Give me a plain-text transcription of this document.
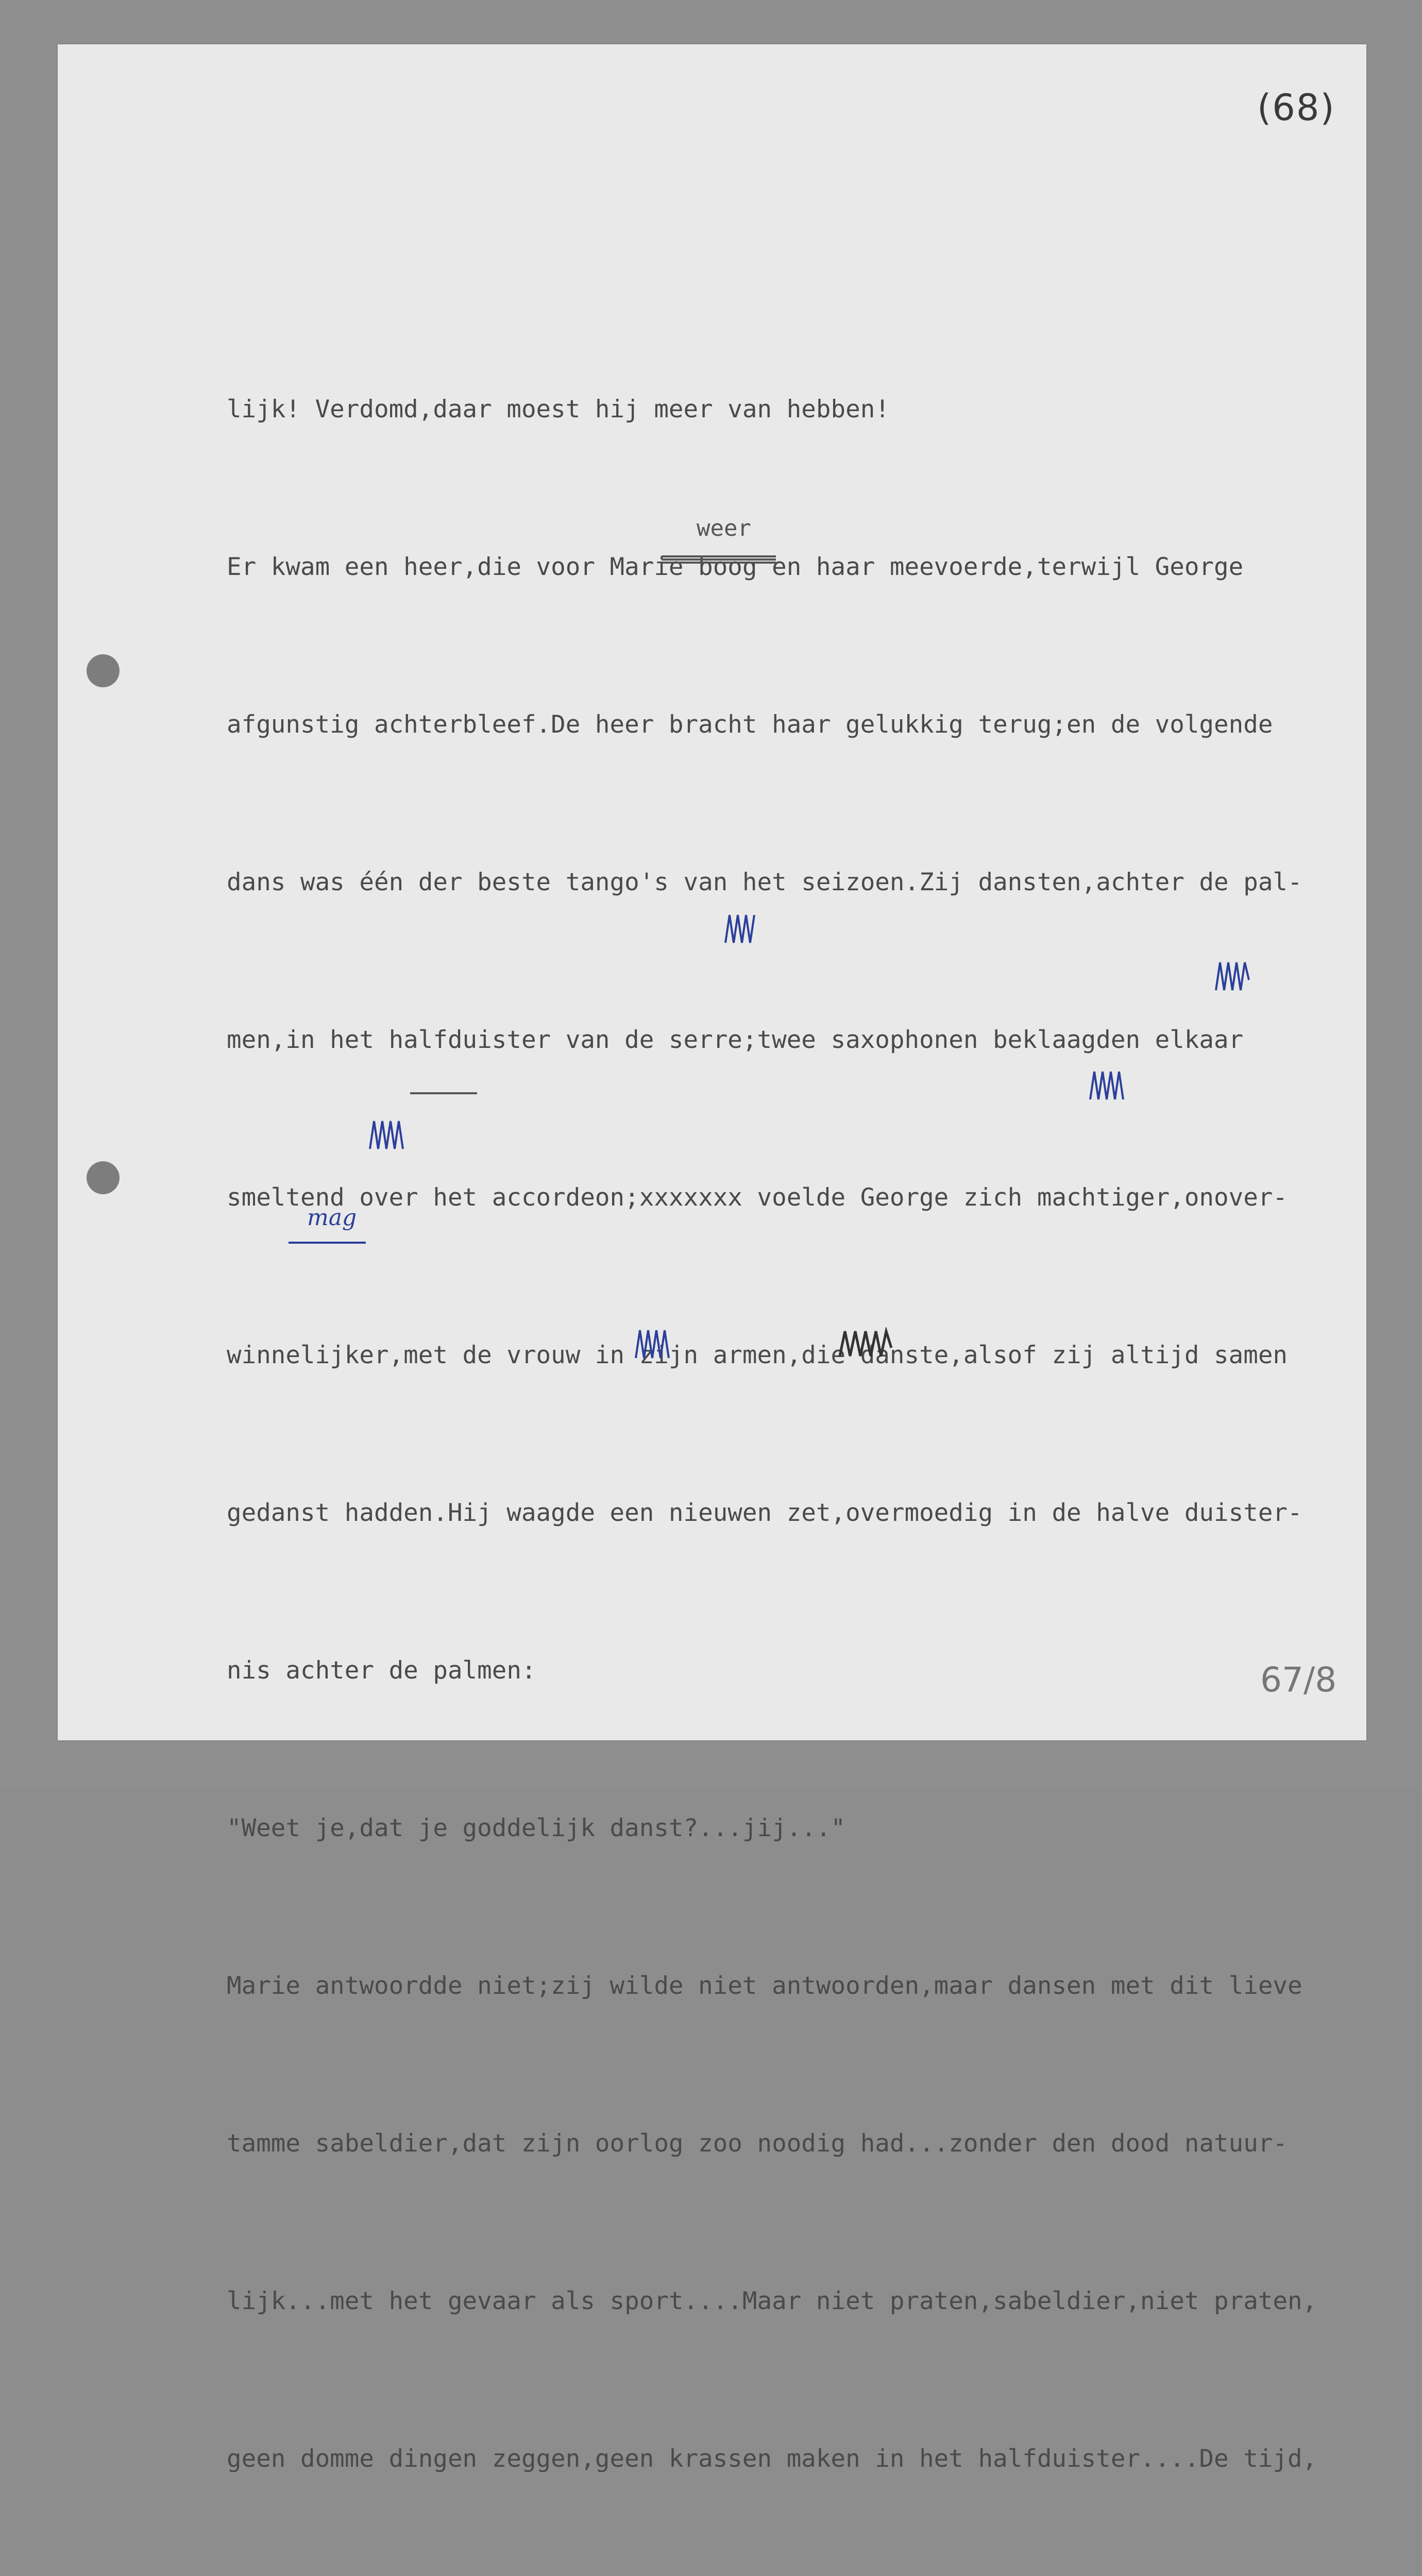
(68)
67/8

lijk! Verdomd,daar moest hij meer van hebben!

Er kwam een heer,die voor Marie boog en haar meevoerde,terwijl George

afgunstig achterbleef.De heer bracht haar gelukkig terug;en de volgende

dans was één der beste tango's van het seizoen.Zij dansten,achter de pal-

men,in het halfduister van de serre;twee saxophonen beklaagden elkaar

smeltend over het accordeon;xxxxxxx voelde George zich machtiger,onover-

winnelijker,met de vrouw in zijn armen,die danste,alsof zij altijd samen

gedanst hadden.Hij waagde een nieuwen zet,overmoedig in de halve duister-

nis achter de palmen:

"Weet je,dat je goddelijk danst?...jij..."

Marie antwoordde niet;zij wilde niet antwoorden,maar dansen met dit lieve

tamme sabeldier,dat zijn oorlog zoo noodig had...zonder den dood natuur-

lijk...met het gevaar als sport....Maar niet praten,sabeldier,niet praten,

geen domme dingen zeggen,geen krassen maken in het halfduister....De tijd,

weer
mag
